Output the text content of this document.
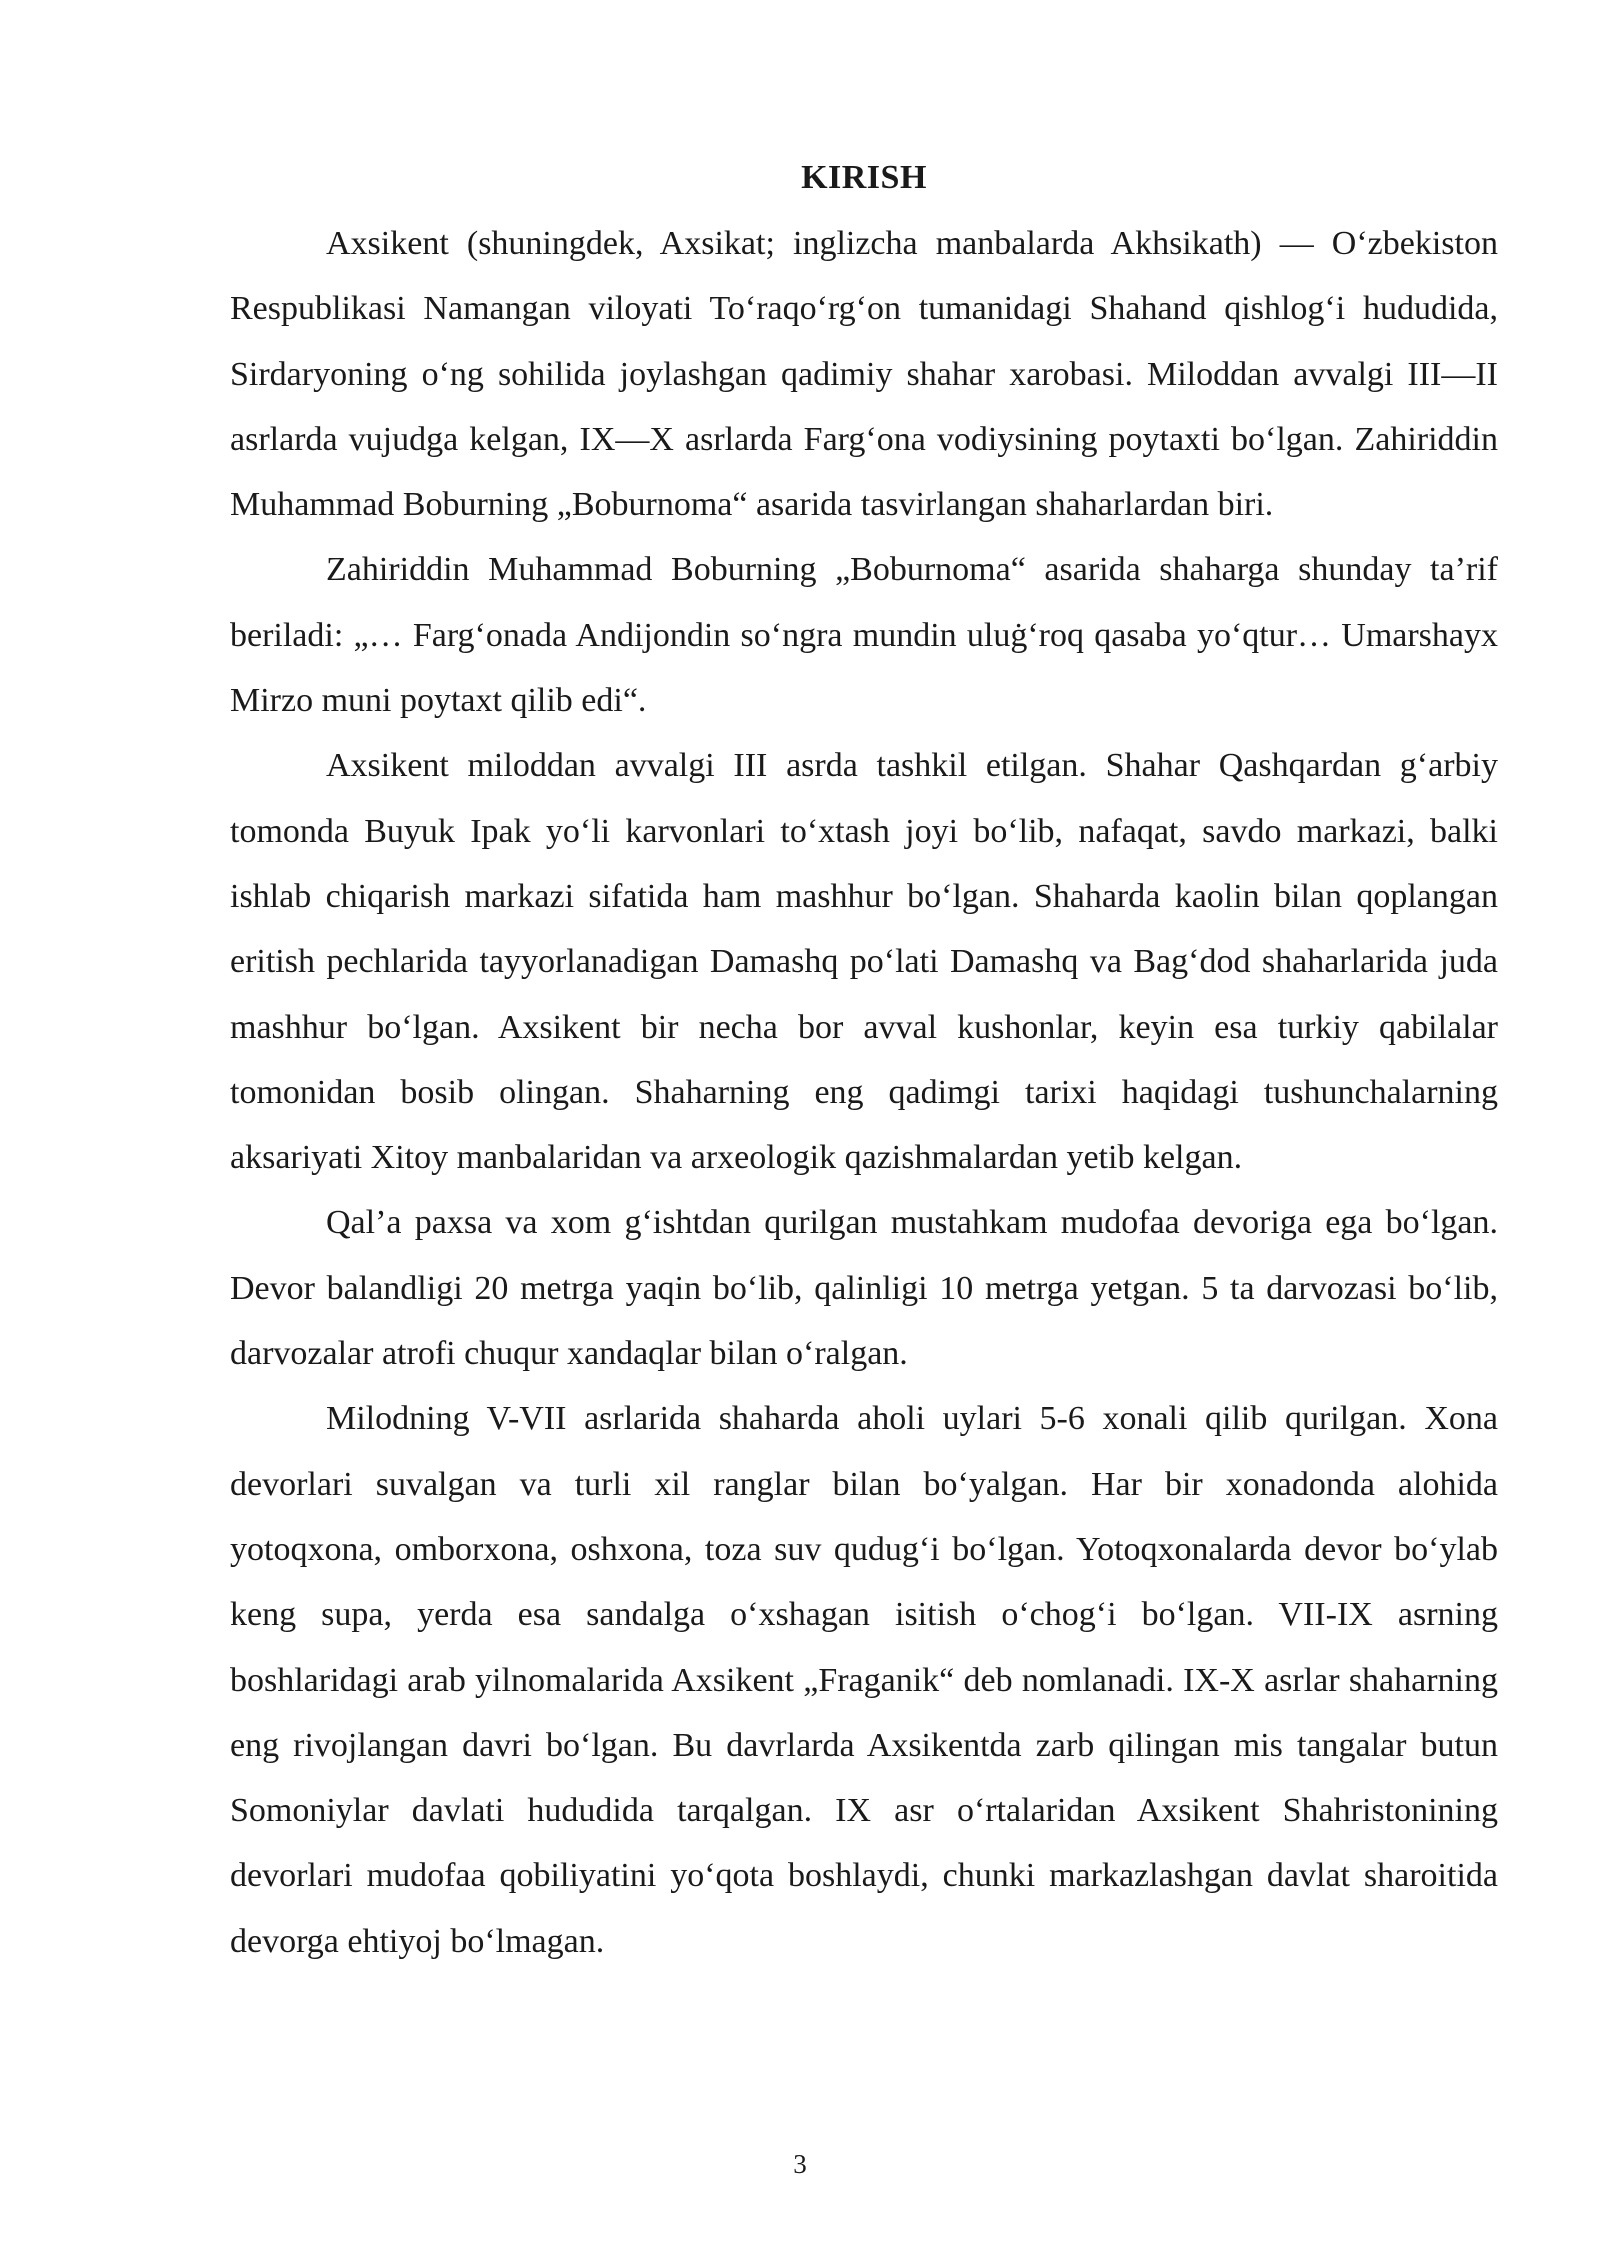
KIRISH

Axsikent (shuningdek, Axsikat; inglizcha manbalarda Akhsikath) — Oʻzbekiston Respublikasi Namangan viloyati Toʻraqoʻrgʻon tumanidagi Shahand qishlogʻi hududida, Sirdaryoning oʻng sohilida joylashgan qadimiy shahar xarobasi. Miloddan avvalgi III—II asrlarda vujudga kelgan, IX—X asrlarda Fargʻona vodiysining poytaxti boʻlgan. Zahiriddin Muhammad Boburning „Boburnoma“ asarida tasvirlangan shaharlardan biri.

Zahiriddin Muhammad Boburning „Boburnoma“ asarida shaharga shunday ta’rif beriladi: „… Fargʻonada Andijondin soʻngra mundin uluġʻroq qasaba yoʻqtur… Umarshayx Mirzo muni poytaxt qilib edi“.

Axsikent miloddan avvalgi III asrda tashkil etilgan. Shahar Qashqardan gʻarbiy tomonda Buyuk Ipak yoʻli karvonlari toʻxtash joyi boʻlib, nafaqat, savdo markazi, balki ishlab chiqarish markazi sifatida ham mashhur boʻlgan. Shaharda kaolin bilan qoplangan eritish pechlarida tayyorlanadigan Damashq poʻlati Damashq va Bagʻdod shaharlarida juda mashhur boʻlgan. Axsikent bir necha bor avval kushonlar, keyin esa turkiy qabilalar tomonidan bosib olingan. Shaharning eng qadimgi tarixi haqidagi tushunchalarning aksariyati Xitoy manbalaridan va arxeologik qazishmalardan yetib kelgan.

Qal’a paxsa va xom gʻishtdan qurilgan mustahkam mudofaa devoriga ega boʻlgan. Devor balandligi 20 metrga yaqin boʻlib, qalinligi 10 metrga yetgan. 5 ta darvozasi boʻlib, darvozalar atrofi chuqur xandaqlar bilan oʻralgan.

Milodning V-VII asrlarida shaharda aholi uylari 5-6 xonali qilib qurilgan. Xona devorlari suvalgan va turli xil ranglar bilan boʻyalgan. Har bir xonadonda alohida yotoqxona, omborxona, oshxona, toza suv qudugʻi boʻlgan. Yotoqxonalarda devor boʻylab keng supa, yerda esa sandalga oʻxshagan isitish oʻchogʻi boʻlgan. VII-IX asrning boshlaridagi arab yilnomalarida Axsikent „Fraganik“ deb nomlanadi. IX-X asrlar shaharning eng rivojlangan davri boʻlgan. Bu davrlarda Axsikentda zarb qilingan mis tangalar butun Somoniylar davlati hududida tarqalgan. IX asr oʻrtalaridan Axsikent Shahristonining devorlari mudofaa qobiliyatini yoʻqota boshlaydi, chunki markazlashgan davlat sharoitida devorga ehtiyoj boʻlmagan.

3
